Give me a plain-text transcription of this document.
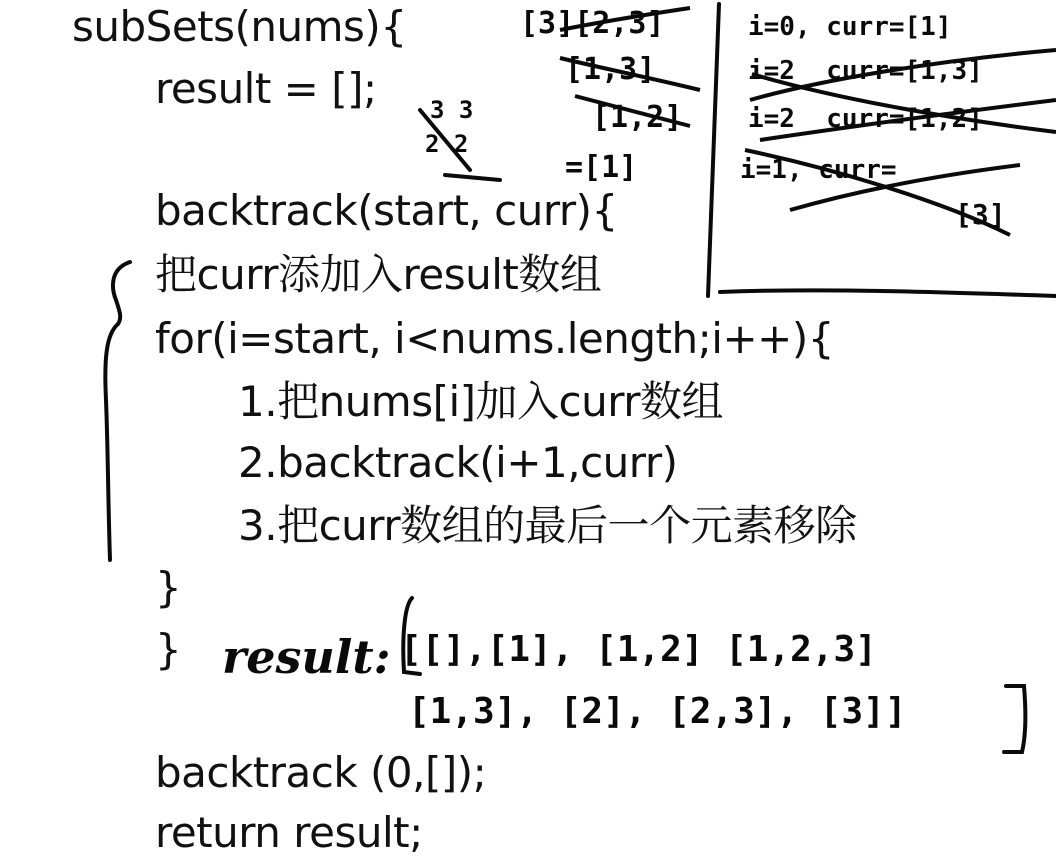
subSets(nums){
result = [];
backtrack(start, curr){
把curr添加入result数组
for(i=start, i<nums.length;i++){
1.把nums[i]加入curr数组
2.backtrack(i+1,curr)
3.把curr数组的最后一个元素移除
}
}
backtrack (0,[]);
return result;
result: [[],[1], [1,2] [1,2,3]
[1,3], [2], [2,3], [3]]
[3][2,3]
[1,3]
[1,2]
=[1]
3 3
2 2
i=0, curr=[1]
i=2  curr=[1,3]
i=2  curr=[1,2]
i=1, curr=
[3]
